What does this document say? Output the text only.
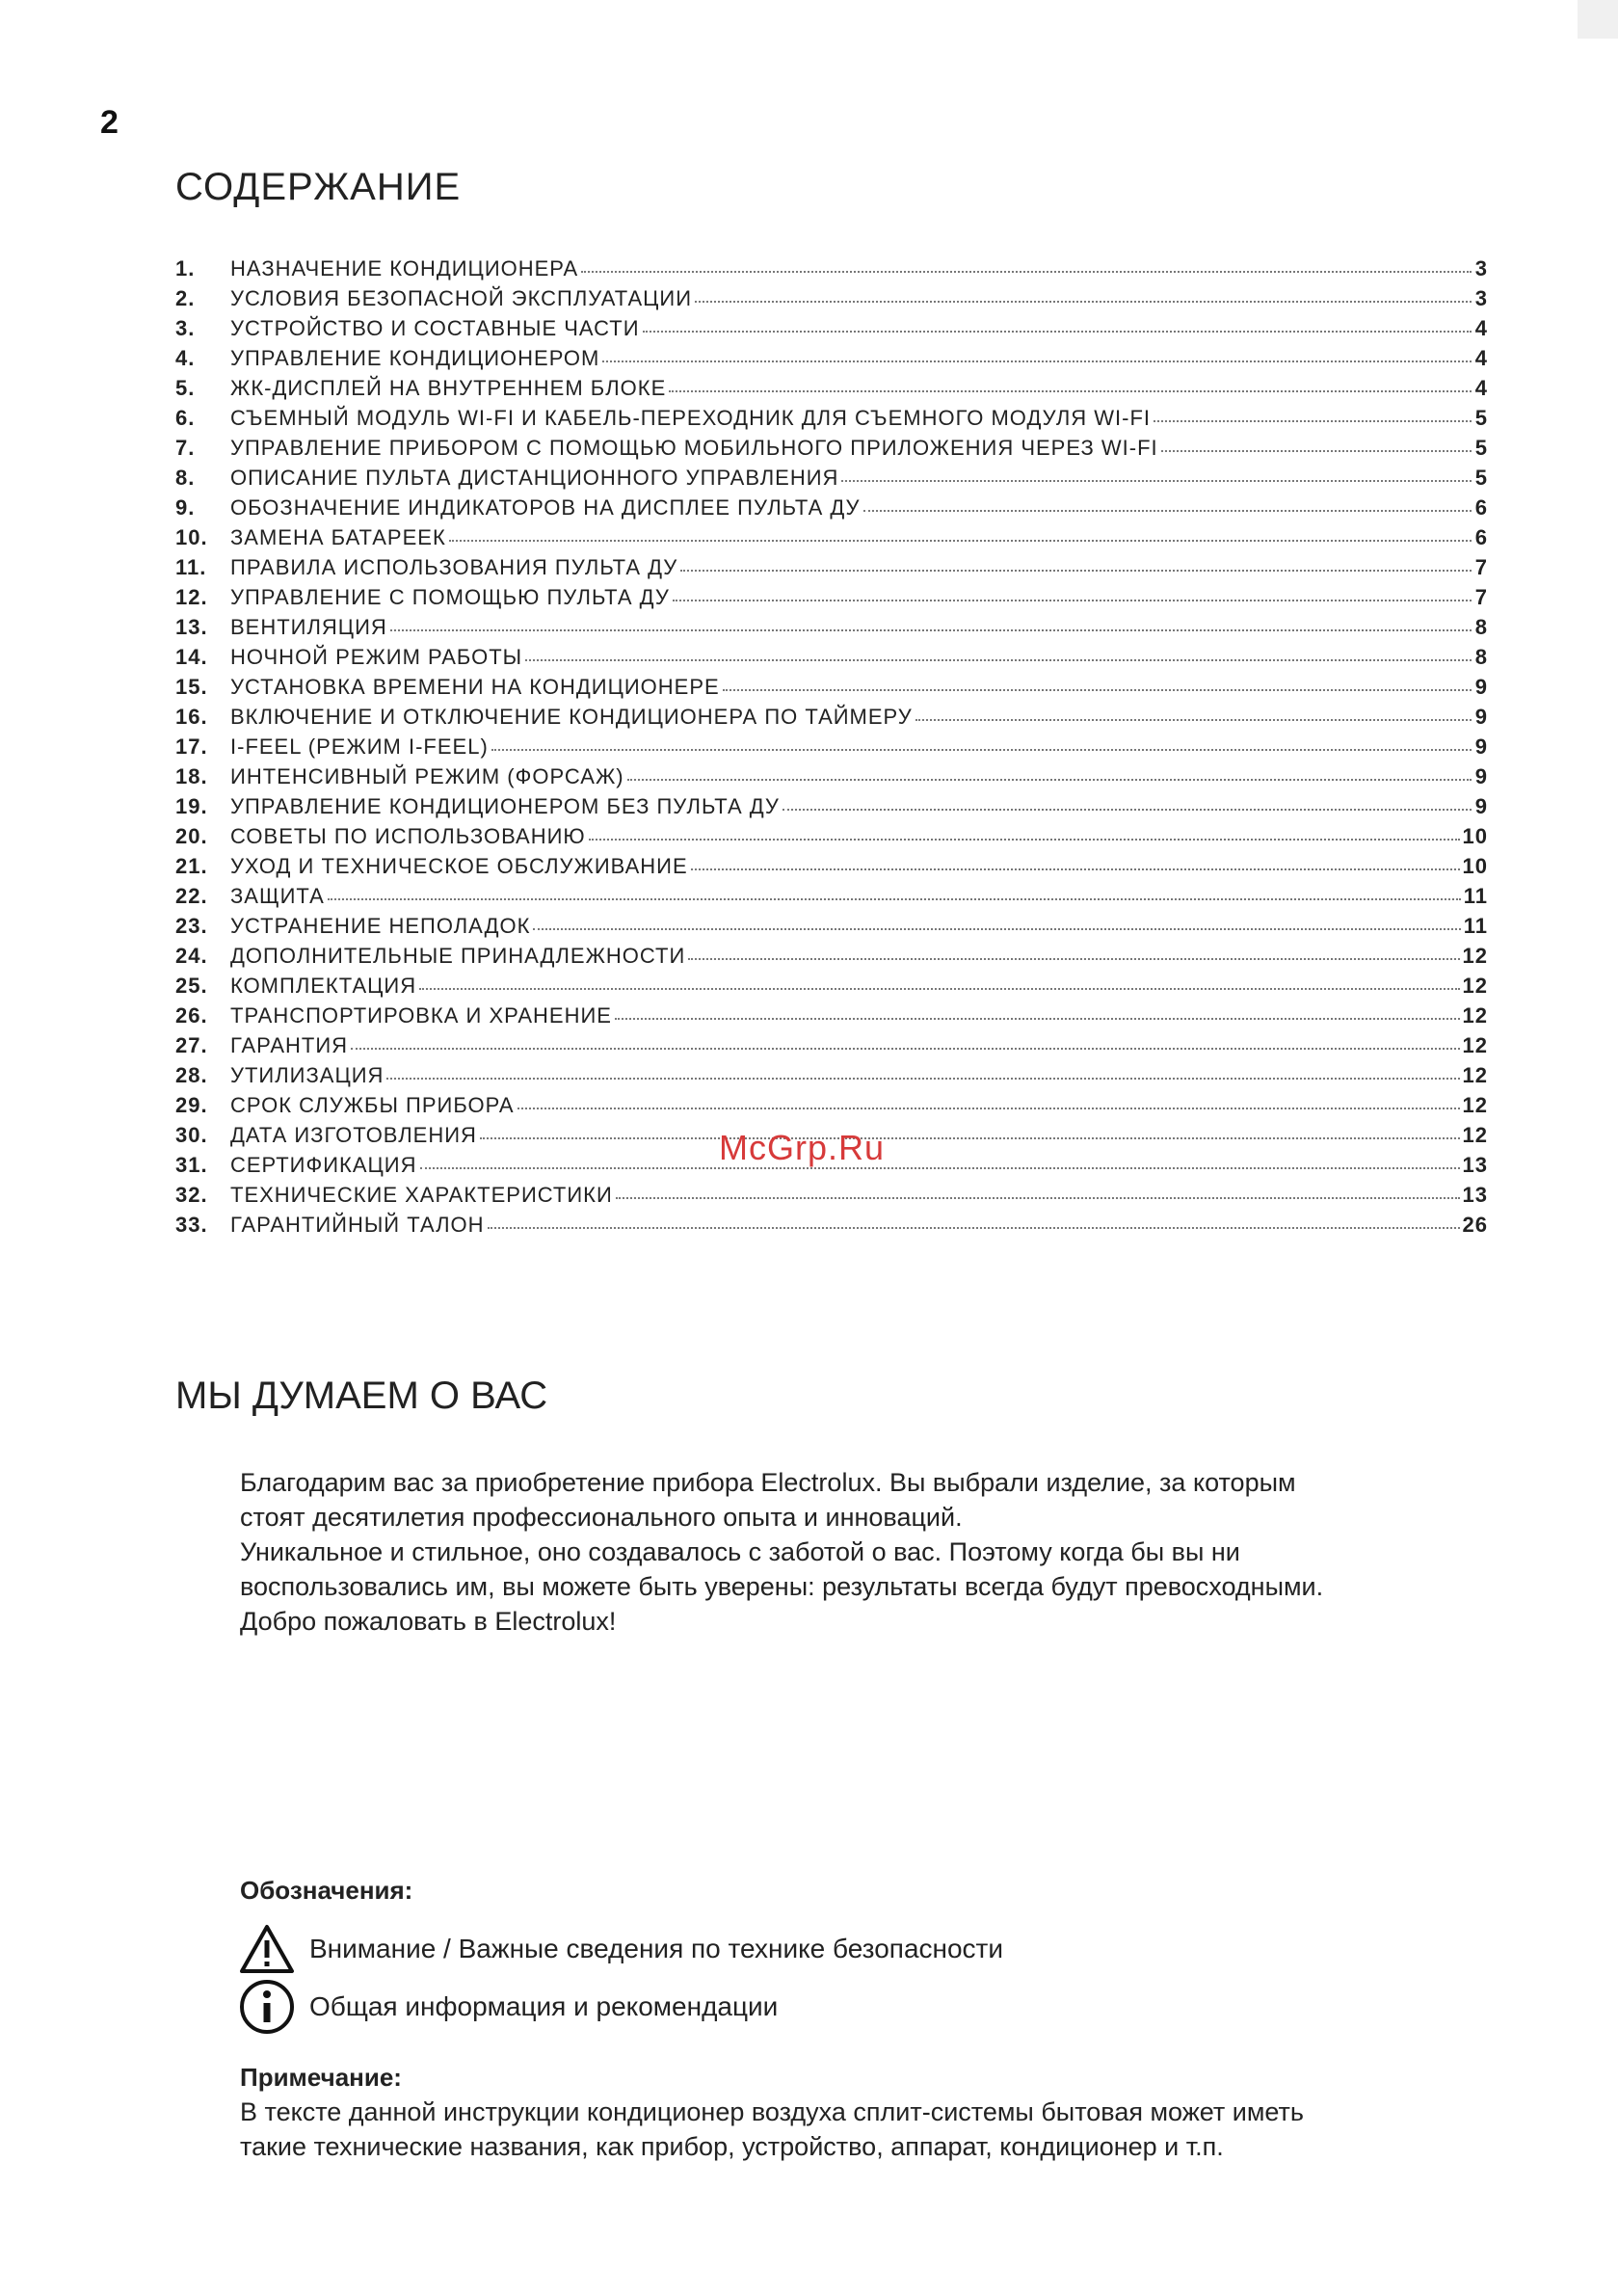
2
СОДЕРЖАНИЕ
1.	НАЗНАЧЕНИЕ КОНДИЦИОНЕРА	3
2.	УСЛОВИЯ БЕЗОПАСНОЙ ЭКСПЛУАТАЦИИ	3
3.	УСТРОЙСТВО И СОСТАВНЫЕ ЧАСТИ	4
4.	УПРАВЛЕНИЕ КОНДИЦИОНЕРОМ	4
5.	ЖК-ДИСПЛЕЙ НА ВНУТРЕННЕМ БЛОКЕ	4
6.	СЪЕМНЫЙ МОДУЛЬ WI-FI И КАБЕЛЬ-ПЕРЕХОДНИК ДЛЯ СЪЕМНОГО МОДУЛЯ WI-FI	5
7.	УПРАВЛЕНИЕ ПРИБОРОМ С ПОМОЩЬЮ МОБИЛЬНОГО ПРИЛОЖЕНИЯ ЧЕРЕЗ WI-FI	5
8.	ОПИСАНИЕ ПУЛЬТА ДИСТАНЦИОННОГО УПРАВЛЕНИЯ	5
9.	ОБОЗНАЧЕНИЕ ИНДИКАТОРОВ НА ДИСПЛЕЕ ПУЛЬТА ДУ	6
10.	ЗАМЕНА БАТАРЕЕК	6
11.	ПРАВИЛА ИСПОЛЬЗОВАНИЯ ПУЛЬТА ДУ	7
12.	УПРАВЛЕНИЕ С ПОМОЩЬЮ ПУЛЬТА ДУ	7
13.	ВЕНТИЛЯЦИЯ	8
14.	НОЧНОЙ РЕЖИМ РАБОТЫ	8
15.	УСТАНОВКА ВРЕМЕНИ НА КОНДИЦИОНЕРЕ	9
16.	ВКЛЮЧЕНИЕ И ОТКЛЮЧЕНИЕ КОНДИЦИОНЕРА ПО ТАЙМЕРУ	9
17.	I-FEEL (РЕЖИМ I-FEEL)	9
18.	ИНТЕНСИВНЫЙ РЕЖИМ (ФОРСАЖ)	9
19.	УПРАВЛЕНИЕ КОНДИЦИОНЕРОМ БЕЗ ПУЛЬТА ДУ	9
20.	СОВЕТЫ ПО ИСПОЛЬЗОВАНИЮ	10
21.	УХОД И ТЕХНИЧЕСКОЕ ОБСЛУЖИВАНИЕ	10
22.	ЗАЩИТА	11
23.	УСТРАНЕНИЕ НЕПОЛАДОК	11
24.	ДОПОЛНИТЕЛЬНЫЕ ПРИНАДЛЕЖНОСТИ	12
25.	КОМПЛЕКТАЦИЯ	12
26.	ТРАНСПОРТИРОВКА И ХРАНЕНИЕ	12
27.	ГАРАНТИЯ	12
28.	УТИЛИЗАЦИЯ	12
29.	СРОК СЛУЖБЫ ПРИБОРА	12
30.	ДАТА ИЗГОТОВЛЕНИЯ	12
31.	СЕРТИФИКАЦИЯ	13
32.	ТЕХНИЧЕСКИЕ ХАРАКТЕРИСТИКИ	13
33.	ГАРАНТИЙНЫЙ ТАЛОН	26
McGrp.Ru
МЫ ДУМАЕМ О ВАС

Благодарим вас за приобретение прибора Electrolux. Вы выбрали изделие, за которым

стоят десятилетия профессионального опыта и инноваций.

Уникальное и стильное, оно создавалось с заботой о вас. Поэтому когда бы вы ни

воспользовались им, вы можете быть уверены: результаты всегда будут превосходными.

Добро пожаловать в Electrolux!

Обозначения:
Внимание / Важные сведения по технике безопасности
Общая информация и рекомендации
Примечание:

В тексте данной инструкции кондиционер воздуха сплит-системы бытовая может иметь

такие технические названия, как прибор, устройство, аппарат, кондиционер и т.п.
